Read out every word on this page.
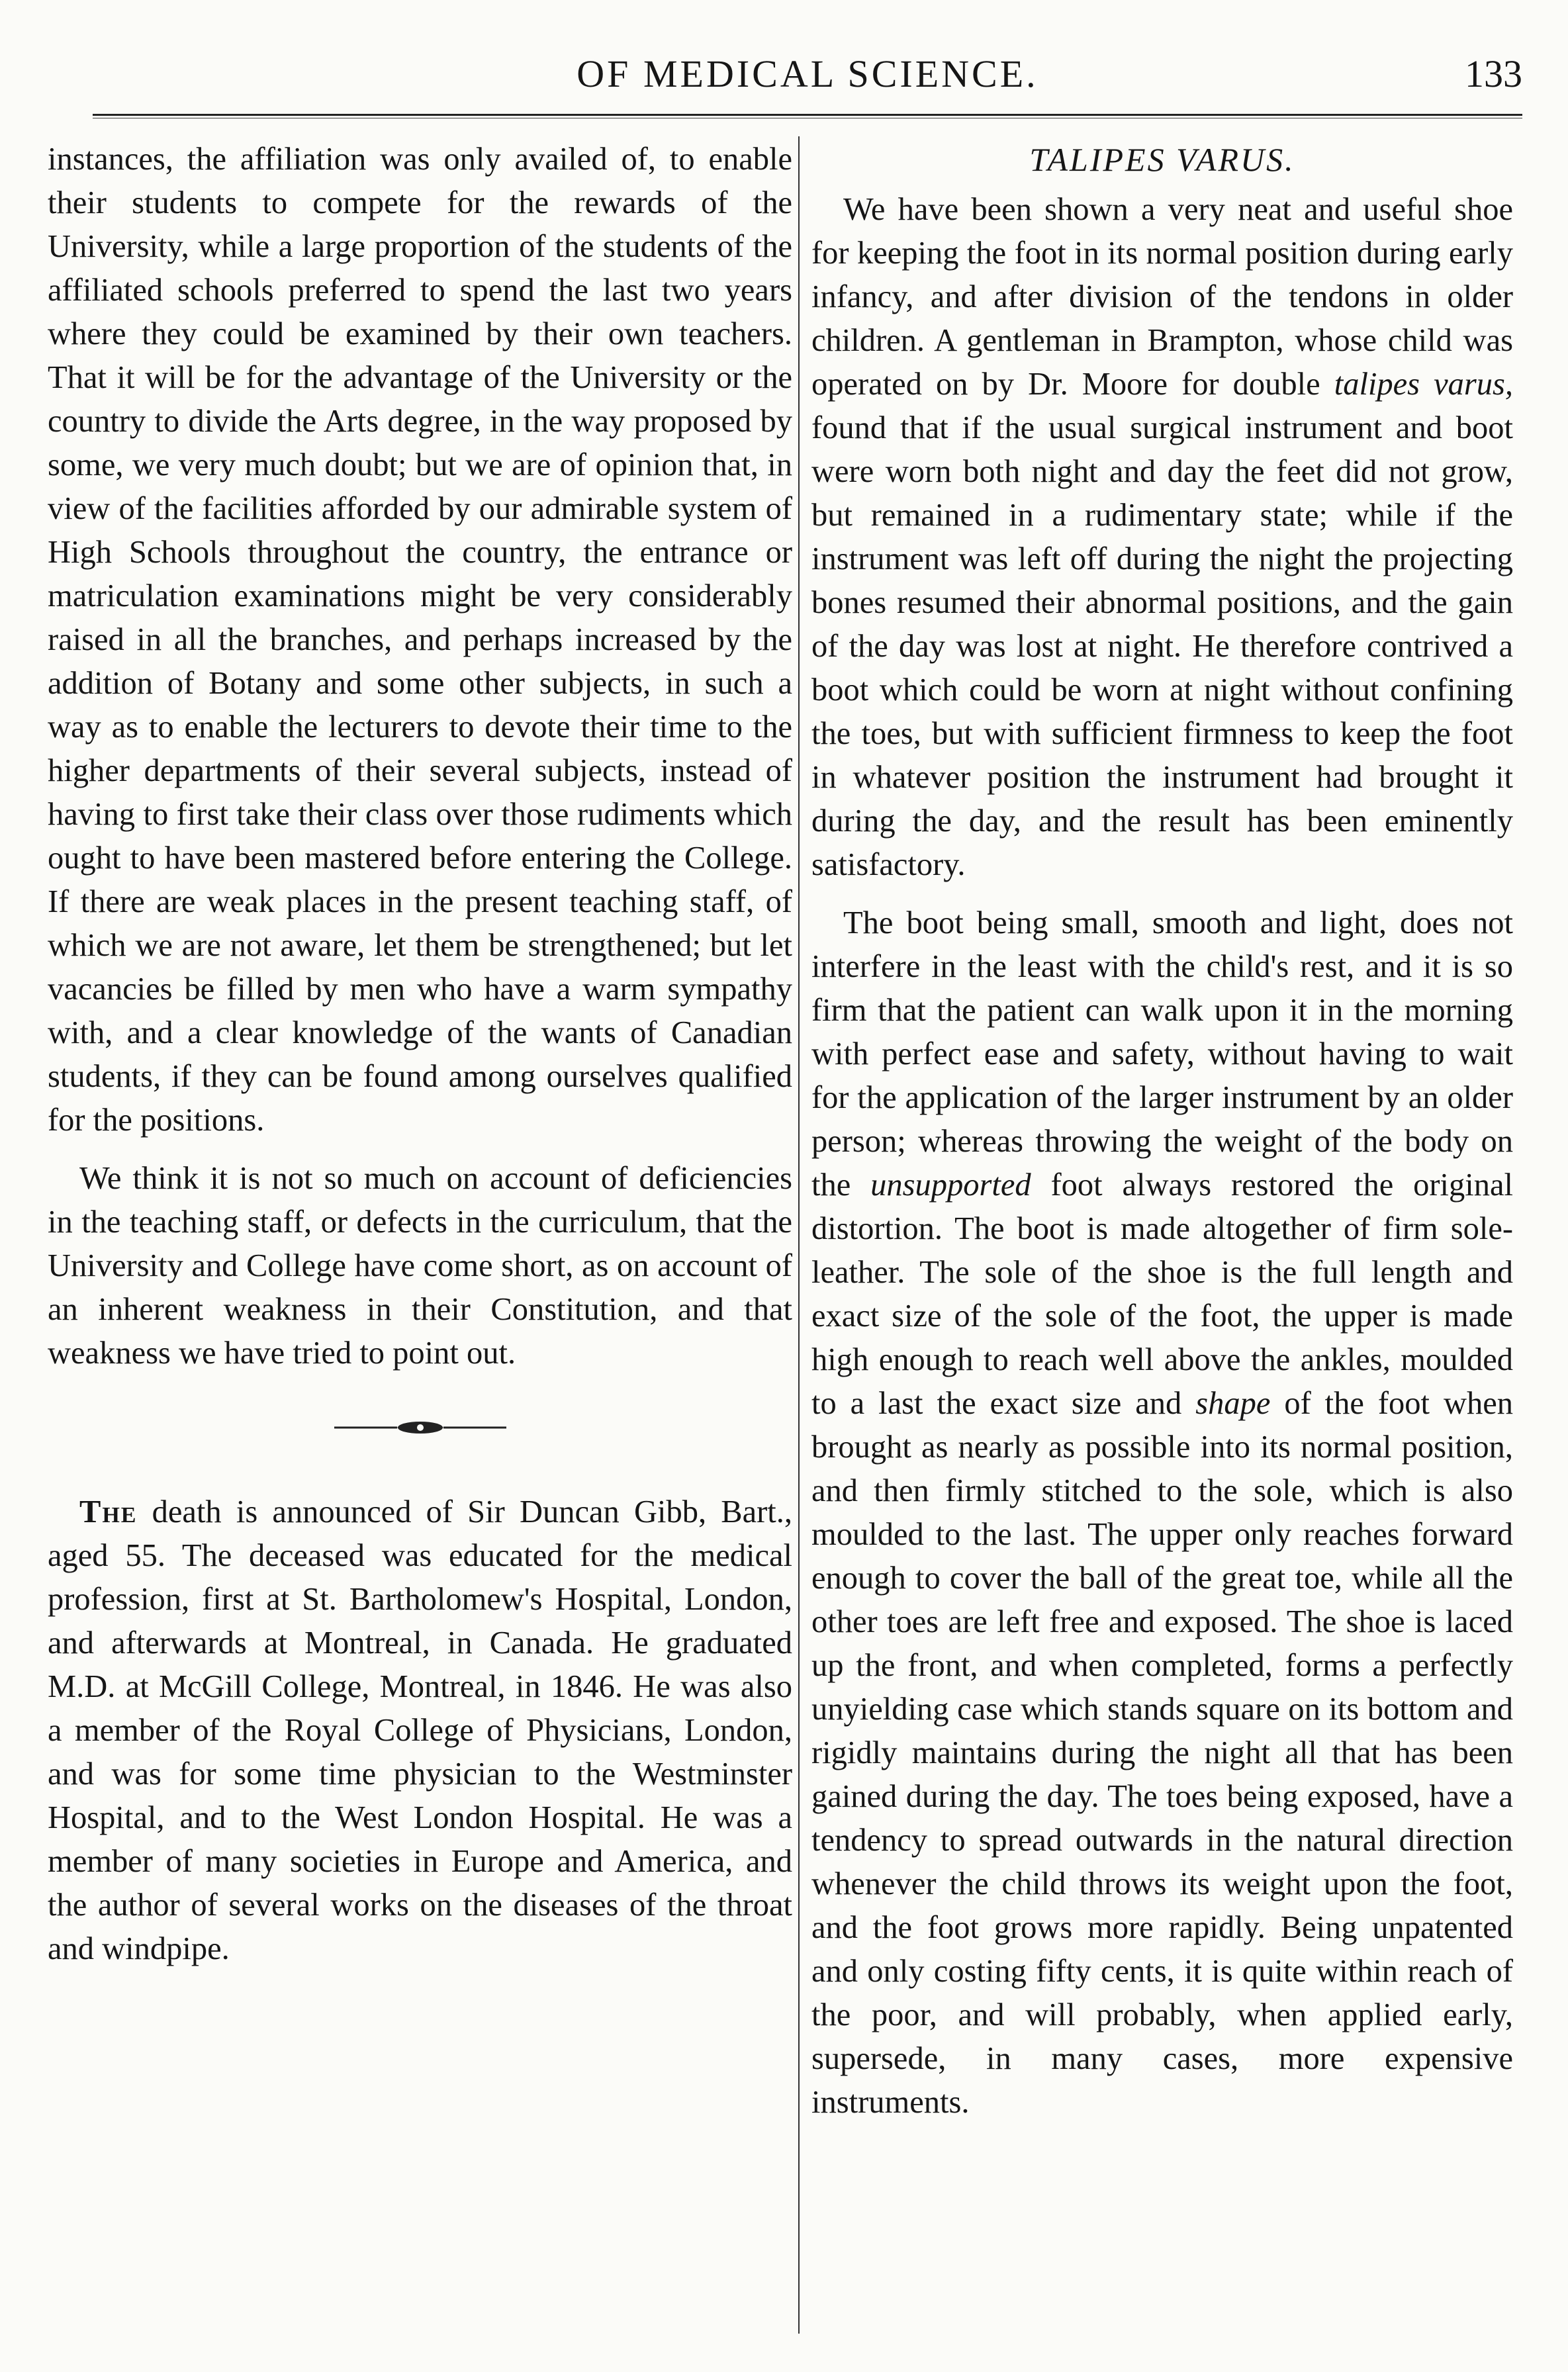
OF MEDICAL SCIENCE.	133

instances, the affiliation was only availed of, to enable their students to compete for the rewards of the University, while a large proportion of the students of the affiliated schools preferred to spend the last two years where they could be examined by their own teachers. That it will be for the advantage of the University or the country to divide the Arts degree, in the way proposed by some, we very much doubt; but we are of opinion that, in view of the facilities afforded by our admirable system of High Schools throughout the country, the entrance or matriculation examinations might be very considerably raised in all the branches, and perhaps increased by the addition of Botany and some other subjects, in such a way as to enable the lecturers to devote their time to the higher departments of their several subjects, instead of having to first take their class over those rudiments which ought to have been mastered before entering the College. If there are weak places in the present teaching staff, of which we are not aware, let them be strengthened; but let vacancies be filled by men who have a warm sympathy with, and a clear knowledge of the wants of Canadian students, if they can be found among ourselves qualified for the positions.

We think it is not so much on account of deficiencies in the teaching staff, or defects in the curriculum, that the University and College have come short, as on account of an inherent weakness in their Constitution, and that weakness we have tried to point out.

The death is announced of Sir Duncan Gibb, Bart., aged 55. The deceased was educated for the medical profession, first at St. Bartholomew's Hospital, London, and afterwards at Montreal, in Canada. He graduated M.D. at McGill College, Montreal, in 1846. He was also a member of the Royal College of Physicians, London, and was for some time physician to the Westminster Hospital, and to the West London Hospital. He was a member of many societies in Europe and America, and the author of several works on the diseases of the throat and windpipe.

TALIPES VARUS.

We have been shown a very neat and useful shoe for keeping the foot in its normal position during early infancy, and after division of the tendons in older children. A gentleman in Brampton, whose child was operated on by Dr. Moore for double talipes varus, found that if the usual surgical instrument and boot were worn both night and day the feet did not grow, but remained in a rudimentary state; while if the instrument was left off during the night the projecting bones resumed their abnormal positions, and the gain of the day was lost at night. He therefore contrived a boot which could be worn at night without confining the toes, but with sufficient firmness to keep the foot in whatever position the instrument had brought it during the day, and the result has been eminently satisfactory.

The boot being small, smooth and light, does not interfere in the least with the child's rest, and it is so firm that the patient can walk upon it in the morning with perfect ease and safety, without having to wait for the application of the larger instrument by an older person; whereas throwing the weight of the body on the unsupported foot always restored the original distortion. The boot is made altogether of firm sole-leather. The sole of the shoe is the full length and exact size of the sole of the foot, the upper is made high enough to reach well above the ankles, moulded to a last the exact size and shape of the foot when brought as nearly as possible into its normal position, and then firmly stitched to the sole, which is also moulded to the last. The upper only reaches forward enough to cover the ball of the great toe, while all the other toes are left free and exposed. The shoe is laced up the front, and when completed, forms a perfectly unyielding case which stands square on its bottom and rigidly maintains during the night all that has been gained during the day. The toes being exposed, have a tendency to spread outwards in the natural direction whenever the child throws its weight upon the foot, and the foot grows more rapidly. Being unpatented and only costing fifty cents, it is quite within reach of the poor, and will probably, when applied early, supersede, in many cases, more expensive instruments.
